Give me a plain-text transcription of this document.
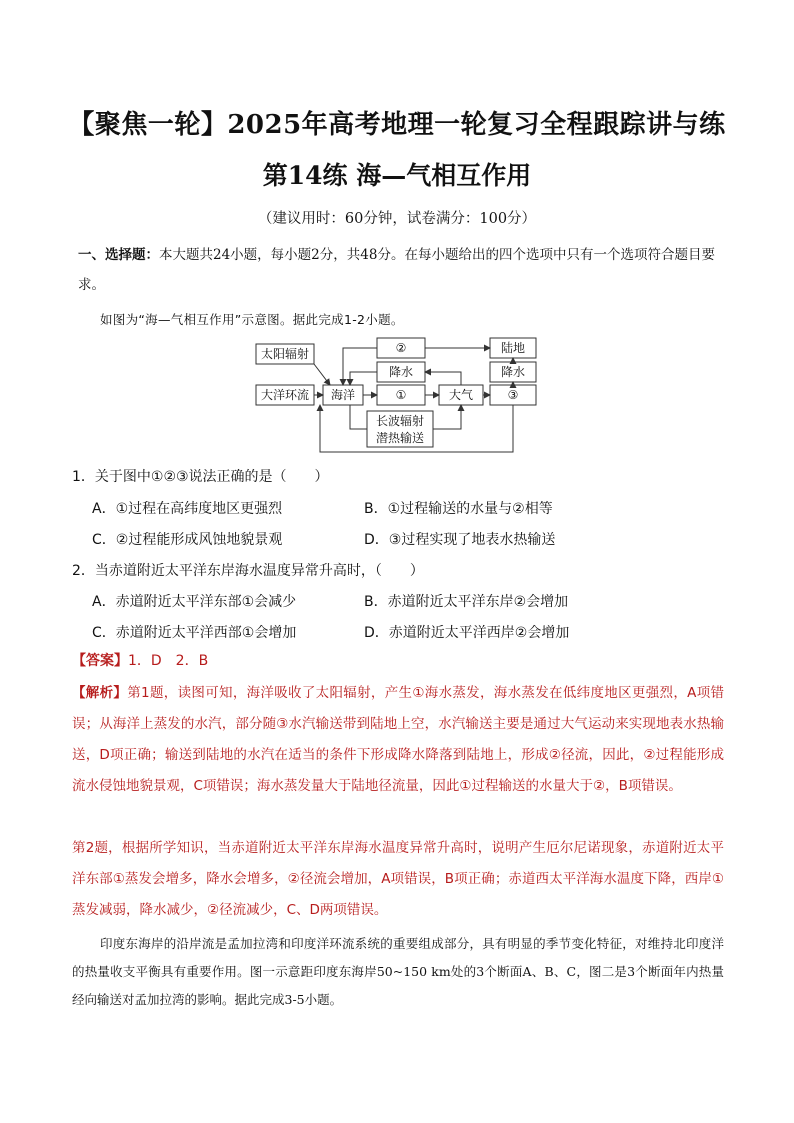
【聚焦一轮】2025年高考地理一轮复习全程跟踪讲与练
第14练 海—气相互作用
（建议用时：60分钟，试卷满分：100分）
一、选择题：本大题共24小题，每小题2分，共48分。在每小题给出的四个选项中只有一个选项符合题目要求。
如图为“海—气相互作用”示意图。据此完成1-2小题。
太阳辐射
大洋环流 海洋	①	大气	③
②	陆地
降水	降水
长波辐射
潜热输送
1．关于图中①②③说法正确的是（　　）
A．①过程在高纬度地区更强烈	B．①过程输送的水量与②相等
C．②过程能形成风蚀地貌景观	D．③过程实现了地表水热输送
2．当赤道附近太平洋东岸海水温度异常升高时，（　　）
A．赤道附近太平洋东部①会减少	B．赤道附近太平洋东岸②会增加
C．赤道附近太平洋西部①会增加	D．赤道附近太平洋西岸②会增加
【答案】1．D　2．B
【解析】第1题，读图可知，海洋吸收了太阳辐射，产生①海水蒸发，海水蒸发在低纬度地区更强烈，A项错误；从海洋上蒸发的水汽，部分随③水汽输送带到陆地上空，水汽输送主要是通过大气运动来实现地表水热输送，D项正确；输送到陆地的水汽在适当的条件下形成降水降落到陆地上，形成②径流，因此，②过程能形成流水侵蚀地貌景观，C项错误；海水蒸发量大于陆地径流量，因此①过程输送的水量大于②，B项错误。
第2题，根据所学知识，当赤道附近太平洋东岸海水温度异常升高时，说明产生厄尔尼诺现象，赤道附近太平洋东部①蒸发会增多，降水会增多，②径流会增加，A项错误，B项正确；赤道西太平洋海水温度下降，西岸①蒸发减弱，降水减少，②径流减少，C、D两项错误。
印度东海岸的沿岸流是孟加拉湾和印度洋环流系统的重要组成部分，具有明显的季节变化特征，对维持北印度洋的热量收支平衡具有重要作用。图一示意距印度东海岸50~150 km处的3个断面A、B、C，图二是3个断面年内热量经向输送对孟加拉湾的影响。据此完成3-5小题。
